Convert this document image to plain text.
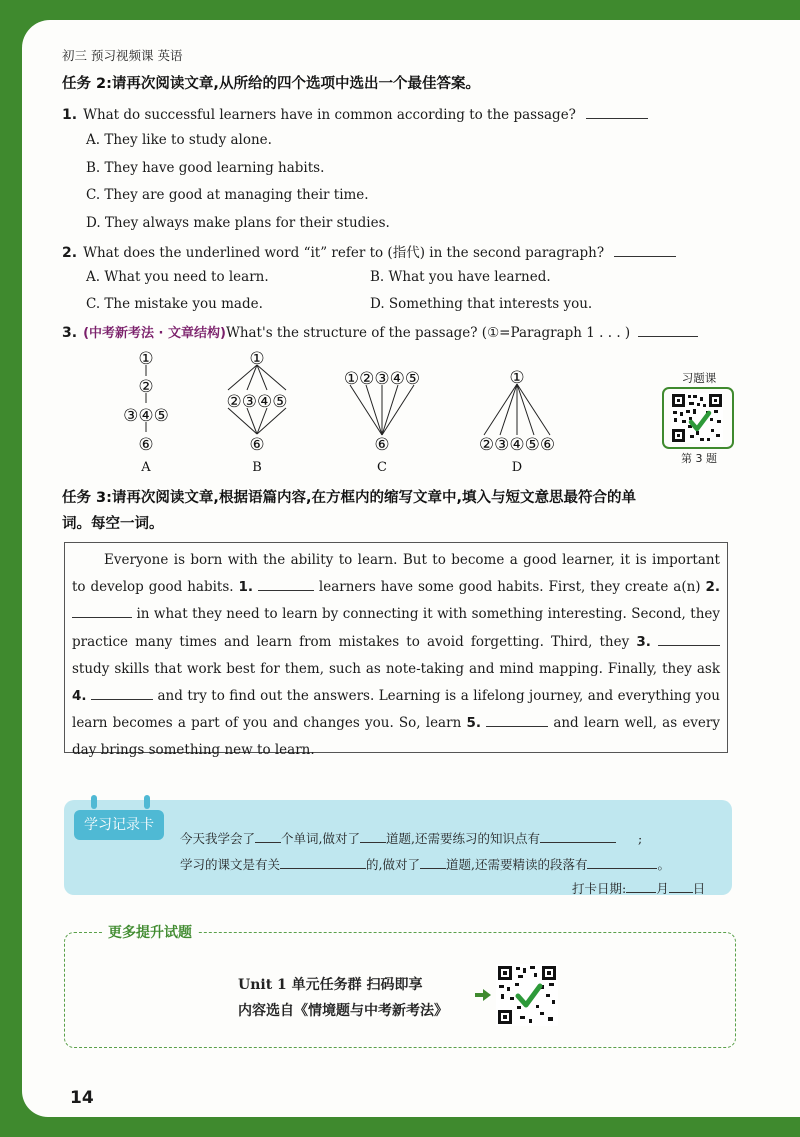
初三 预习视频课 英语
任务 2:请再次阅读文章,从所给的四个选项中选出一个最佳答案。
1. What do successful learners have in common according to the passage?
A. They like to study alone.
B. They have good learning habits.
C. They are good at managing their time.
D. They always make plans for their studies.
2. What does the underlined word “it” refer to (指代) in the second paragraph?
A. What you need to learn.	B. What you have learned.
C. The mistake you made.	D. Something that interests you.
3. (中考新考法 · 文章结构)What's the structure of the passage? (①=Paragraph 1 . . . )
①
②
③④⑤
⑥
①
②③④⑤
⑥
①②③④⑤
⑥
①
②③④⑤⑥
A	B	C	D
习题课
第 3 题
任务 3:请再次阅读文章,根据语篇内容,在方框内的缩写文章中,填入与短文意思最符合的单
词。每空一词。

Everyone is born with the ability to learn. But to become a good learner, it is important to develop good habits. 1.	learners have some good habits. First, they create a(n) 2.  in what they need to learn by connecting it with something interesting. Second, they practice many times and learn from mistakes to avoid forgetting. Third, they 3.  study skills that work best for them, such as note-taking and mind mapping. Finally, they ask 4.	and try to find out the answers. Learning is a lifelong journey, and everything you learn becomes a part of you and changes you. So, learn 5.	and learn well, as every day brings something new to learn.

学习记录卡
今天我学会了 个单词,做对了 道题,还需要练习的知识点有	;
学习的课文是有关	的,做对了 道题,还需要精读的段落有	。
打卡日期: 月 日
更多提升试题
Unit 1 单元任务群 扫码即享
内容选自《情境题与中考新考法》
14
